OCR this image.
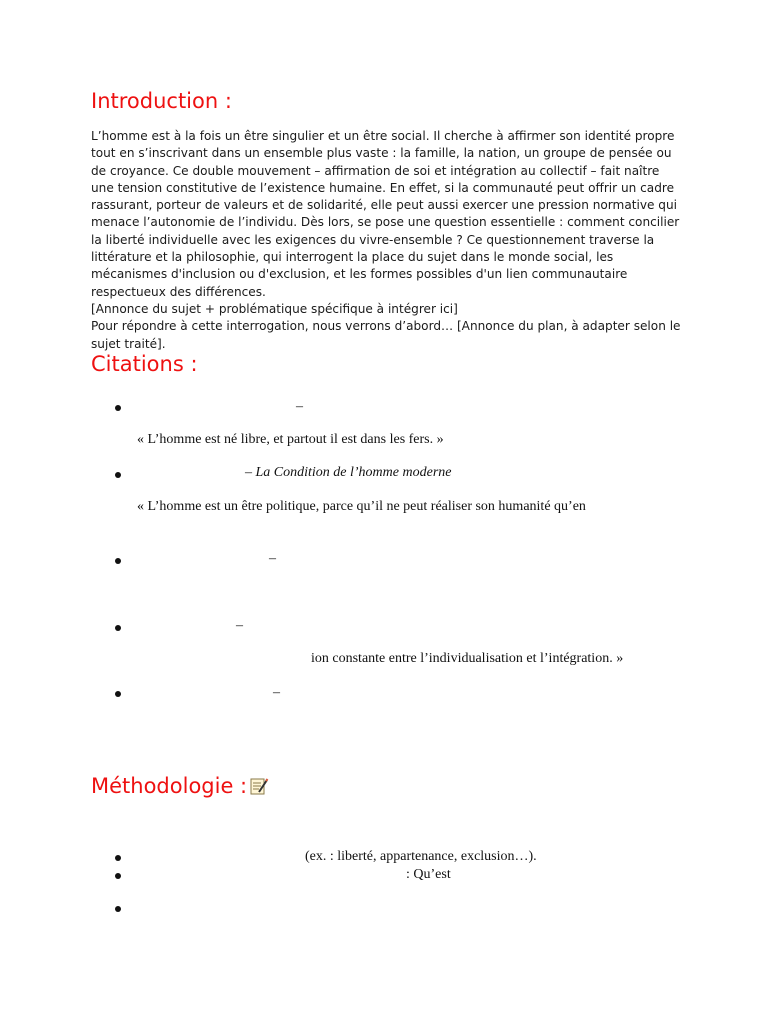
Introduction :

L’homme est à la fois un être singulier et un être social. Il cherche à affirmer son identité propre tout en s’inscrivant dans un ensemble plus vaste : la famille, la nation, un groupe de pensée ou de croyance. Ce double mouvement – affirmation de soi et intégration au collectif – fait naître une tension constitutive de l’existence humaine. En effet, si la communauté peut offrir un cadre rassurant, porteur de valeurs et de solidarité, elle peut aussi exercer une pression normative qui menace l’autonomie de l’individu. Dès lors, se pose une question essentielle : comment concilier la liberté individuelle avec les exigences du vivre-ensemble ? Ce questionnement traverse la littérature et la philosophie, qui interrogent la place du sujet dans le monde social, les mécanismes d'inclusion ou d'exclusion, et les formes possibles d'un lien communautaire respectueux des différences.

[Annonce du sujet + problématique spécifique à intégrer ici]

Pour répondre à cette interrogation, nous verrons d’abord… [Annonce du plan, à adapter selon le sujet traité].

Citations :
–
« L’homme est né libre, et partout il est dans les fers. »
– La Condition de l’homme moderne
« L’homme est un être politique, parce qu’il ne peut réaliser son humanité qu’en
–
–
ion constante entre l’individualisation et l’intégration. »
–
Méthodologie :
(ex. : liberté, appartenance, exclusion…).
: Qu’est
